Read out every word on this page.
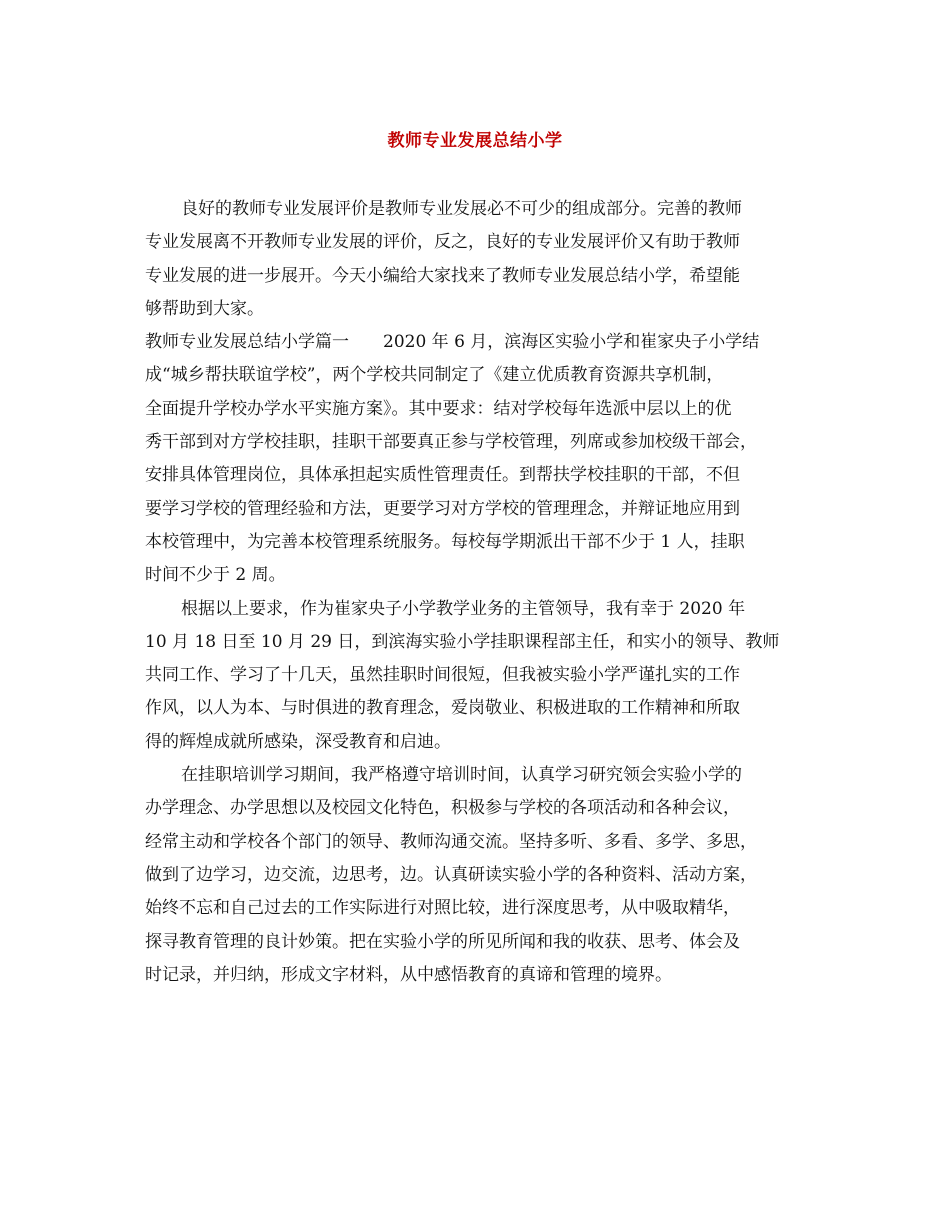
教师专业发展总结小学
良好的教师专业发展评价是教师专业发展必不可少的组成部分。完善的教师
专业发展离不开教师专业发展的评价，反之，良好的专业发展评价又有助于教师
专业发展的进一步展开。今天小编给大家找来了教师专业发展总结小学，希望能
够帮助到大家。
教师专业发展总结小学篇一　　2020 年 6 月，滨海区实验小学和崔家央子小学结
成“城乡帮扶联谊学校”，两个学校共同制定了《建立优质教育资源共享机制，
全面提升学校办学水平实施方案》。其中要求：结对学校每年选派中层以上的优
秀干部到对方学校挂职，挂职干部要真正参与学校管理，列席或参加校级干部会，
安排具体管理岗位，具体承担起实质性管理责任。到帮扶学校挂职的干部，不但
要学习学校的管理经验和方法，更要学习对方学校的管理理念，并辩证地应用到
本校管理中，为完善本校管理系统服务。每校每学期派出干部不少于 1 人，挂职
时间不少于 2 周。
根据以上要求，作为崔家央子小学教学业务的主管领导，我有幸于 2020 年
10 月 18 日至 10 月 29 日，到滨海实验小学挂职课程部主任，和实小的领导、教师
共同工作、学习了十几天，虽然挂职时间很短，但我被实验小学严谨扎实的工作
作风，以人为本、与时俱进的教育理念，爱岗敬业、积极进取的工作精神和所取
得的辉煌成就所感染，深受教育和启迪。
在挂职培训学习期间，我严格遵守培训时间，认真学习研究领会实验小学的
办学理念、办学思想以及校园文化特色，积极参与学校的各项活动和各种会议，
经常主动和学校各个部门的领导、教师沟通交流。坚持多听、多看、多学、多思，
做到了边学习，边交流，边思考，边。认真研读实验小学的各种资料、活动方案，
始终不忘和自己过去的工作实际进行对照比较，进行深度思考，从中吸取精华，
探寻教育管理的良计妙策。把在实验小学的所见所闻和我的收获、思考、体会及
时记录，并归纳，形成文字材料，从中感悟教育的真谛和管理的境界。
